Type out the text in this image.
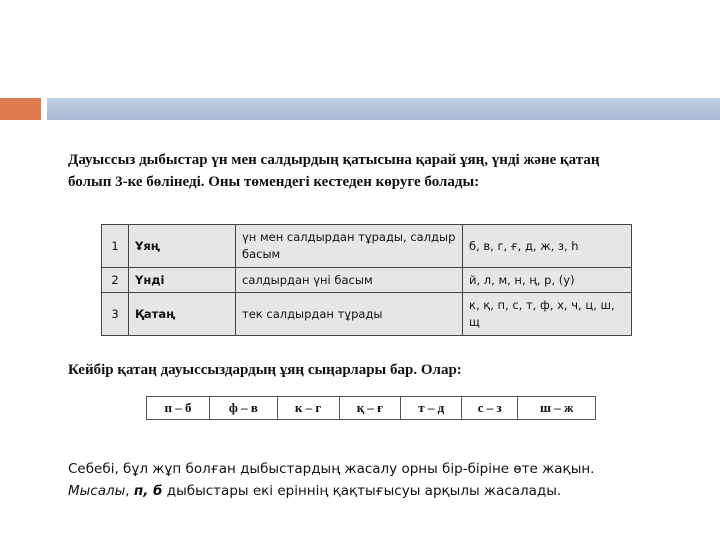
Дауыссыз дыбыстар үн мен салдырдың қатысына қарай ұяң, үнді және қатаң болып 3-ке бөлінеді. Оны төмендегі кестеден көруге болады:
1	Ұяң	үн мен салдырдан тұрады, салдыр басым	б, в, г, ғ, д, ж, з, һ
2	Үнді	салдырдан үні басым	й, л, м, н, ң, р, (у)
3	Қатаң	тек салдырдан тұрады	к, қ, п, с, т, ф, х, ч, ц, ш, щ
Кейбір қатаң дауыссыздардың ұяң сыңарлары бар. Олар:
п – б	ф – в	к – г	қ – ғ	т – д	с – з	ш – ж
Себебі, бұл жұп болған дыбыстардың жасалу орны бір-біріне өте жақын.
Мысалы, п, б дыбыстары екі еріннің қақтығысуы арқылы жасалады.
